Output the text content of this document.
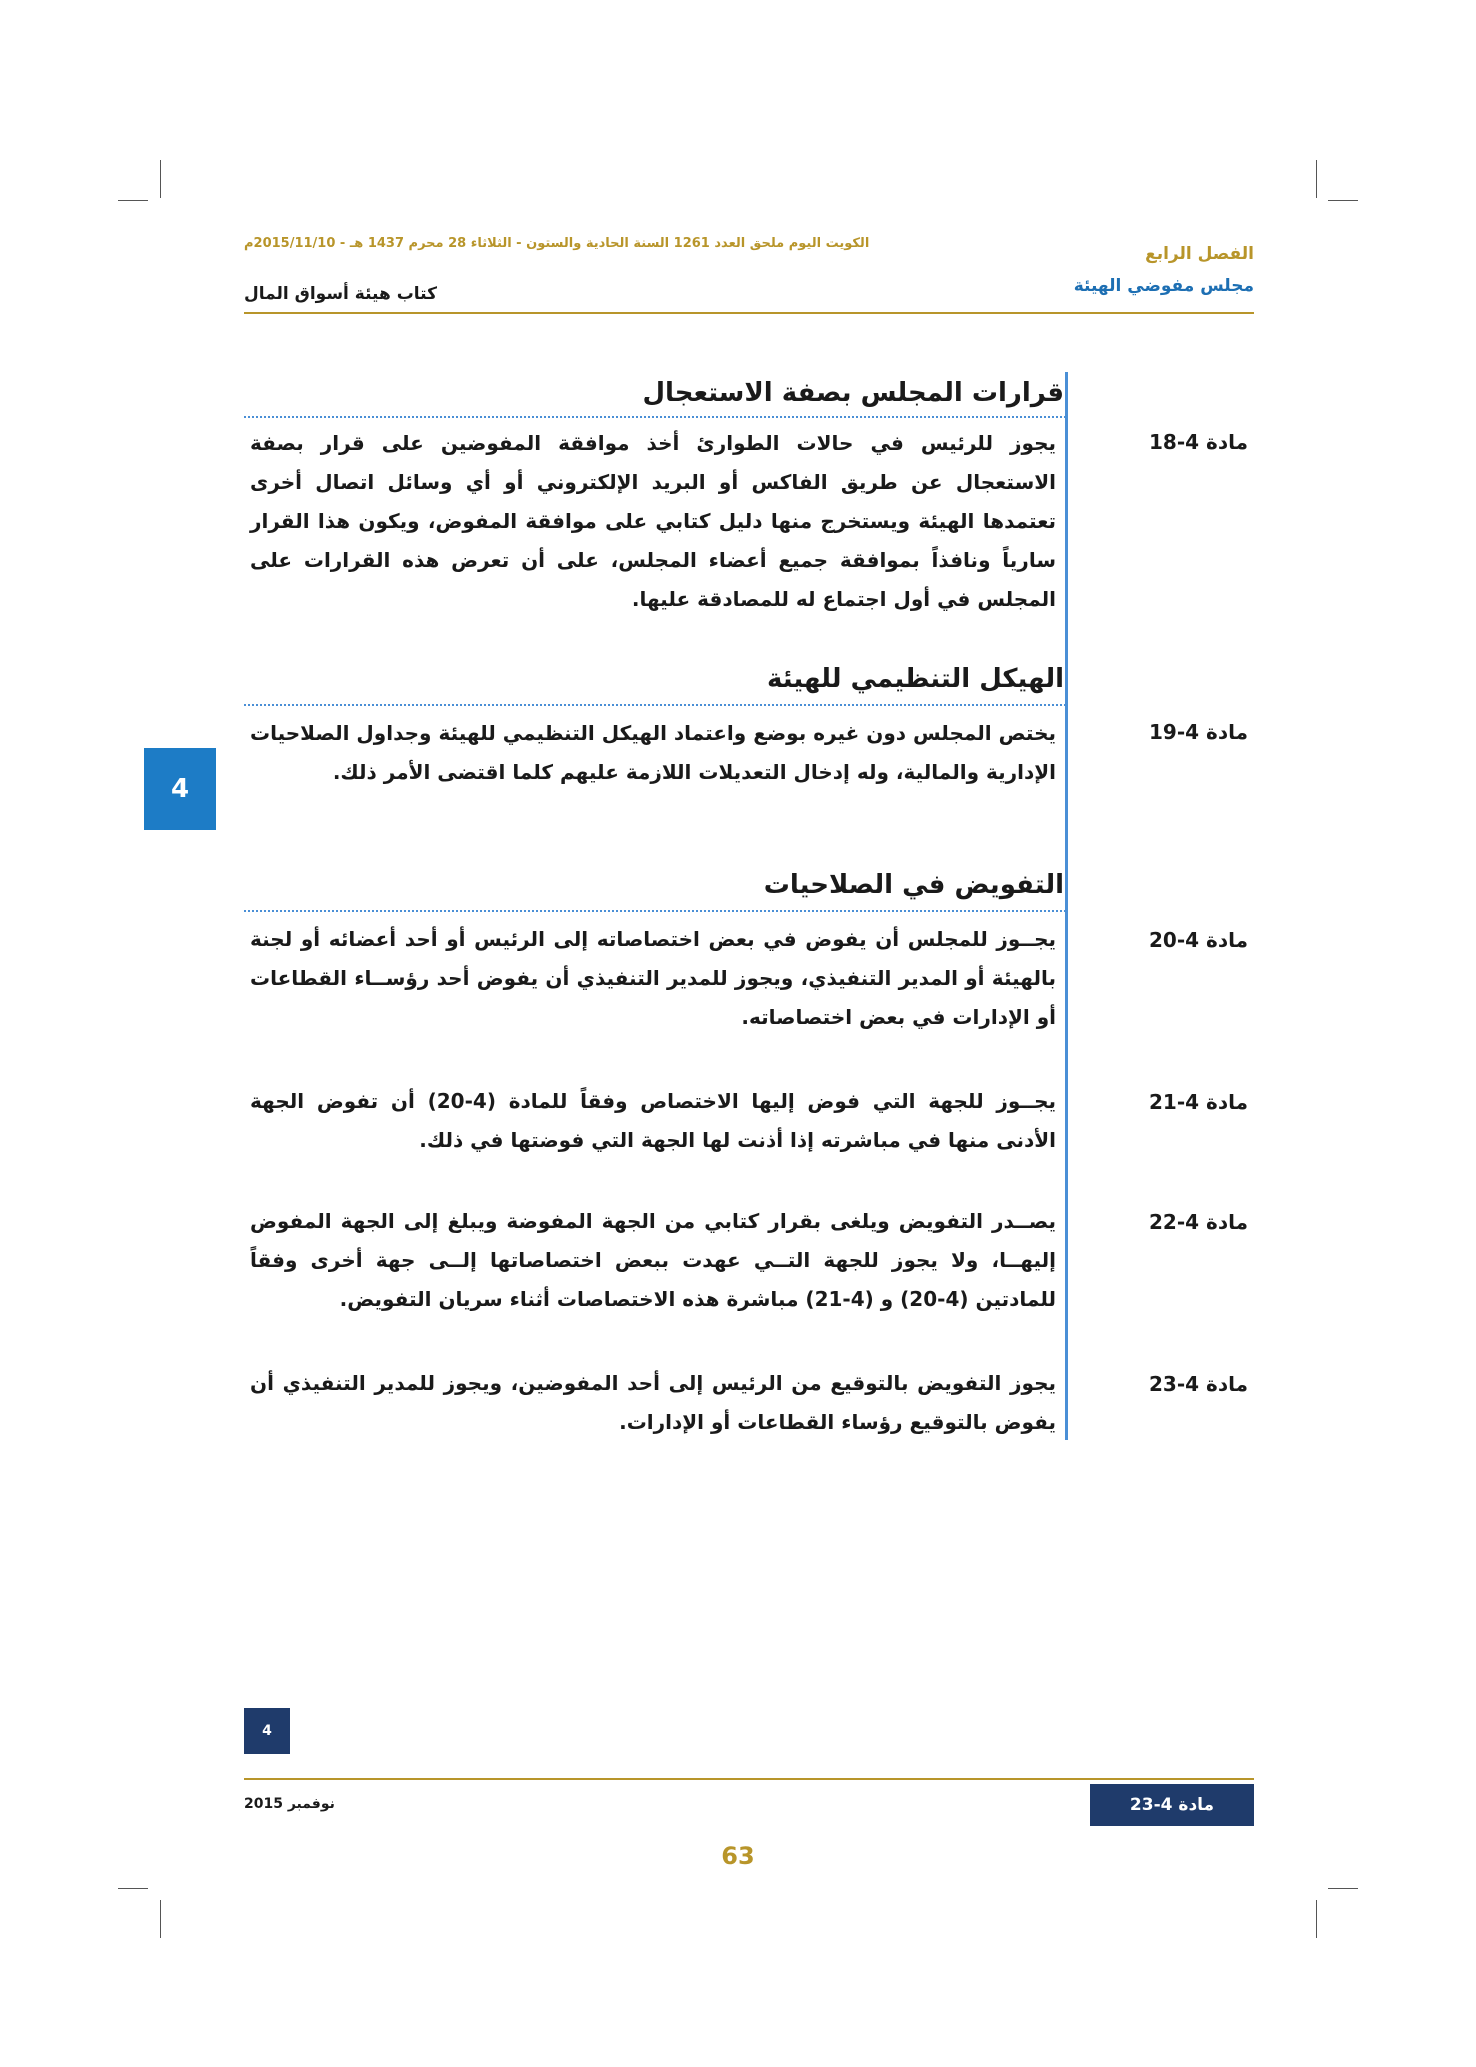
الفصل الرابع
مجلس مفوضي الهيئة
الكويت اليوم ملحق العدد 1261 السنة الحادية والستون - الثلاثاء 28 محرم 1437 هـ - 2015/11/10م
كتاب هيئة أسواق المال
4
قرارات المجلس بصفة الاستعجال
مادة 4-18
يجوز للرئيس في حالات الطوارئ أخذ موافقة المفوضين على قرار بصفة الاستعجال عن طريق الفاكس أو البريد الإلكتروني أو أي وسائل اتصال أخرى تعتمدها الهيئة ويستخرج منها دليل كتابي على موافقة المفوض، ويكون هذا القرار سارياً ونافذاً بموافقة جميع أعضاء المجلس، على أن تعرض هذه القرارات على المجلس في أول اجتماع له للمصادقة عليها.
الهيكل التنظيمي للهيئة
مادة 4-19
يختص المجلس دون غيره بوضع واعتماد الهيكل التنظيمي للهيئة وجداول الصلاحيات الإدارية والمالية، وله إدخال التعديلات اللازمة عليهم كلما اقتضى الأمر ذلك.
التفويض في الصلاحيات
مادة 4-20
يجــوز للمجلس أن يفوض في بعض اختصاصاته إلى الرئيس أو أحد أعضائه أو لجنة بالهيئة أو المدير التنفيذي، ويجوز للمدير التنفيذي أن يفوض أحد رؤســاء القطاعات أو الإدارات في بعض اختصاصاته.
مادة 4-21
يجــوز للجهة التي فوض إليها الاختصاص وفقاً للمادة (4-20) أن تفوض الجهة الأدنى منها في مباشرته إذا أذنت لها الجهة التي فوضتها في ذلك.
مادة 4-22
يصــدر التفويض ويلغى بقرار كتابي من الجهة المفوضة ويبلغ إلى الجهة المفوض إليهــا، ولا يجوز للجهة التــي عهدت ببعض اختصاصاتها إلــى جهة أخرى وفقاً للمادتين (4-20) و (4-21) مباشرة هذه الاختصاصات أثناء سريان التفويض.
مادة 4-23
يجوز التفويض بالتوقيع من الرئيس إلى أحد المفوضين، ويجوز للمدير التنفيذي أن يفوض بالتوقيع رؤساء القطاعات أو الإدارات.
4
نوفمبر 2015	مادة 4-23
63
